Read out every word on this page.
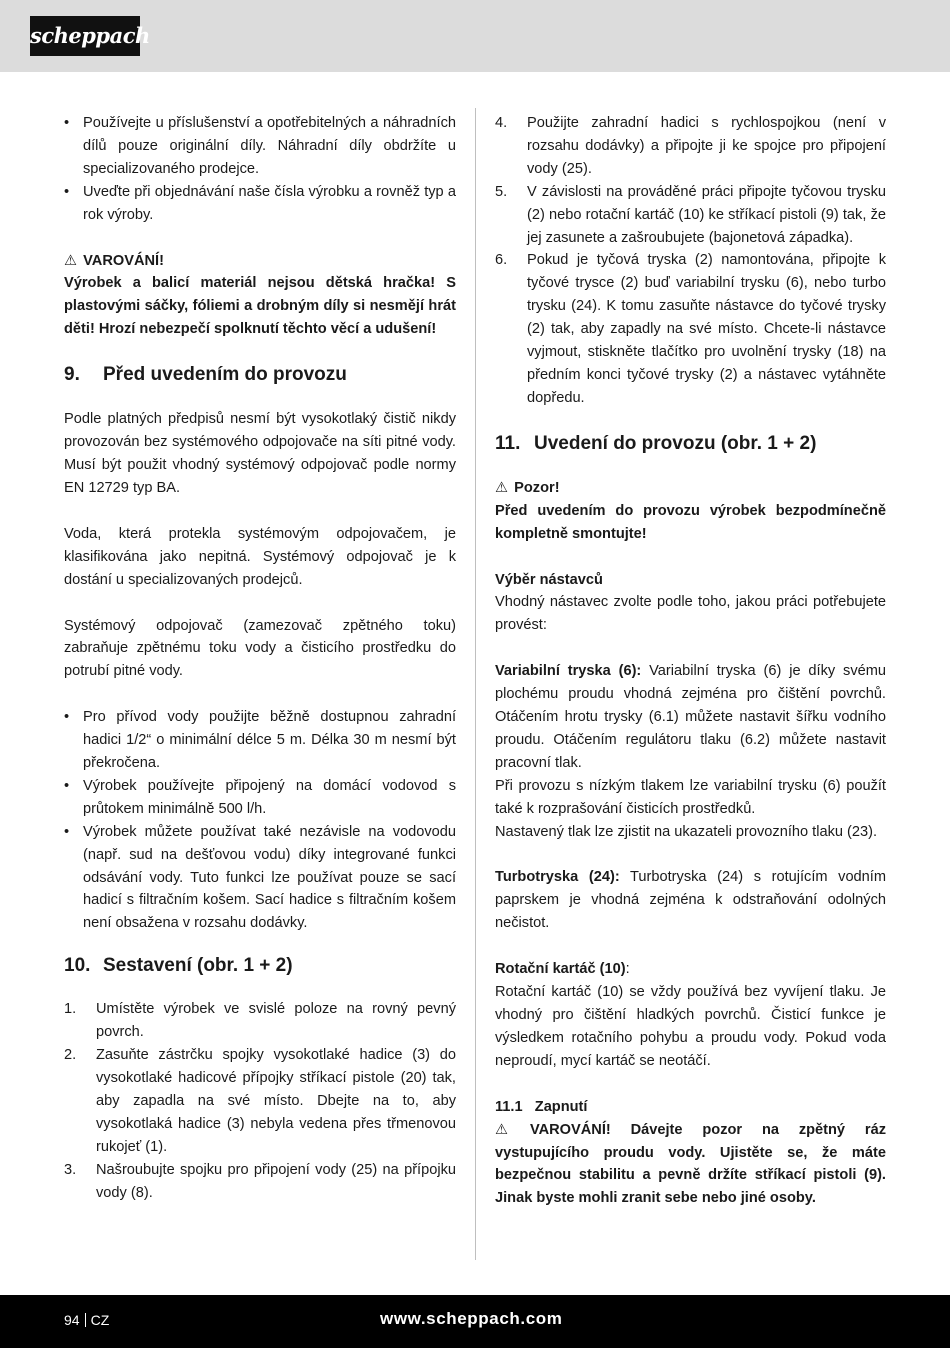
scheppach
• Používejte u příslušenství a opotřebitelných a náhradních dílů pouze originální díly. Náhradní díly obdržíte u specializovaného prodejce.
• Uveďte při objednávání naše čísla výrobku a rovněž typ a rok výroby.

⚠ VAROVÁNÍ!

Výrobek a balicí materiál nejsou dětská hračka! S plastovými sáčky, fóliemi a drobným díly si nesmějí hrát děti! Hrozí nebezpečí spolknutí těchto věcí a udušení!

9. Před uvedením do provozu

Podle platných předpisů nesmí být vysokotlaký čistič nikdy provozován bez systémového odpojovače na síti pitné vody. Musí být použit vhodný systémový odpojovač podle normy EN 12729 typ BA.

Voda, která protekla systémovým odpojovačem, je klasifikována jako nepitná. Systémový odpojovač je k dostání u specializovaných prodejců.

Systémový odpojovač (zamezovač zpětného toku) zabraňuje zpětnému toku vody a čisticího prostředku do potrubí pitné vody.

• Pro přívod vody použijte běžně dostupnou zahradní hadici 1/2“ o minimální délce 5 m. Délka 30 m nesmí být překročena.
• Výrobek používejte připojený na domácí vodovod s průtokem minimálně 500 l/h.
• Výrobek můžete používat také nezávisle na vodovodu (např. sud na dešťovou vodu) díky integrované funkci odsávání vody. Tuto funkci lze používat pouze se sací hadicí s filtračním košem. Sací hadice s filtračním košem není obsažena v rozsahu dodávky.
10. Sestavení (obr. 1 + 2)
1. Umístěte výrobek ve svislé poloze na rovný pevný povrch.
2. Zasuňte zástrčku spojky vysokotlaké hadice (3) do vysokotlaké hadicové přípojky stříkací pistole (20) tak, aby zapadla na své místo. Dbejte na to, aby vysokotlaká hadice (3) nebyla vedena přes třmenovou rukojeť (1).
3. Našroubujte spojku pro připojení vody (25) na přípojku vody (8).
4. Použijte zahradní hadici s rychlospojkou (není v rozsahu dodávky) a připojte ji ke spojce pro připojení vody (25).
5. V závislosti na prováděné práci připojte tyčovou trysku (2) nebo rotační kartáč (10) ke stříkací pistoli (9) tak, že jej zasunete a zašroubujete (bajonetová západka).
6. Pokud je tyčová tryska (2) namontována, připojte k tyčové trysce (2) buď variabilní trysku (6), nebo turbo trysku (24). K tomu zasuňte nástavce do tyčové trysky (2) tak, aby zapadly na své místo. Chcete-li nástavce vyjmout, stiskněte tlačítko pro uvolnění trysky (18) na předním konci tyčové trysky (2) a nástavec vytáhněte dopředu.
11. Uvedení do provozu (obr. 1 + 2)

⚠ Pozor!

Před uvedením do provozu výrobek bezpodmínečně kompletně smontujte!

Výběr nástavců

Vhodný nástavec zvolte podle toho, jakou práci potřebujete provést:

Variabilní tryska (6): Variabilní tryska (6) je díky svému plochému proudu vhodná zejména pro čištění povrchů. Otáčením hrotu trysky (6.1) můžete nastavit šířku vodního proudu. Otáčením regulátoru tlaku (6.2) můžete nastavit pracovní tlak.

Při provozu s nízkým tlakem lze variabilní trysku (6) použít také k rozprašování čisticích prostředků.

Nastavený tlak lze zjistit na ukazateli provozního tlaku (23).

Turbotryska (24): Turbotryska (24) s rotujícím vodním paprskem je vhodná zejména k odstraňování odolných nečistot.

Rotační kartáč (10):

Rotační kartáč (10) se vždy používá bez vyvíjení tlaku. Je vhodný pro čištění hladkých povrchů. Čisticí funkce je výsledkem rotačního pohybu a proudu vody. Pokud voda neproudí, mycí kartáč se neotáčí.

11.1 Zapnutí

⚠ VAROVÁNÍ! Dávejte pozor na zpětný ráz vystupujícího proudu vody. Ujistěte se, že máte bezpečnou stabilitu a pevně držíte stříkací pistoli (9). Jinak byste mohli zranit sebe nebo jiné osoby.

94 CZ	www.scheppach.com
